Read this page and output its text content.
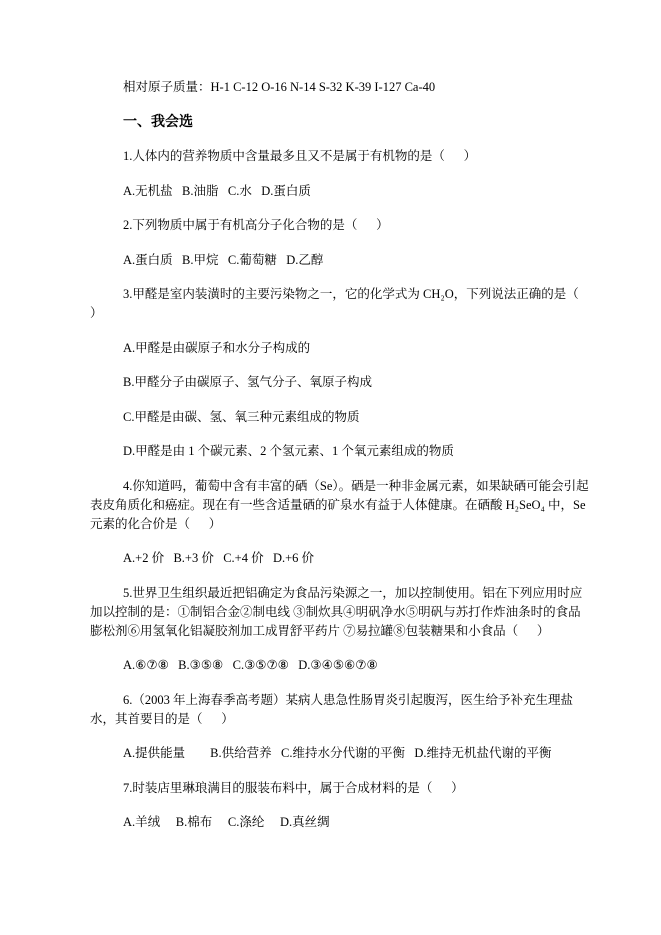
相对原子质量：H-1 C-12 O-16 N-14 S-32 K-39 I-127 Ca-40

一、我会选

1.人体内的营养物质中含量最多且又不是属于有机物的是（      ）

A.无机盐   B.油脂   C.水   D.蛋白质

2.下列物质中属于有机高分子化合物的是（      ）

A.蛋白质   B.甲烷   C.葡萄糖   D.乙醇

3.甲醛是室内装潢时的主要污染物之一，它的化学式为 CH₂O，下列说法正确的是（      ）

A.甲醛是由碳原子和水分子构成的

B.甲醛分子由碳原子、氢气分子、氧原子构成

C.甲醛是由碳、氢、氧三种元素组成的物质

D.甲醛是由 1 个碳元素、2 个氢元素、1 个氧元素组成的物质

4.你知道吗，葡萄中含有丰富的硒（Se）。硒是一种非金属元素，如果缺硒可能会引起表皮角质化和癌症。现在有一些含适量硒的矿泉水有益于人体健康。在硒酸 H₂SeO₄ 中，Se 元素的化合价是（      ）

A.+2 价   B.+3 价   C.+4 价   D.+6 价

5.世界卫生组织最近把铝确定为食品污染源之一，加以控制使用。铝在下列应用时应加以控制的是：①制铝合金②制电线 ③制炊具④明矾净水⑤明矾与苏打作炸油条时的食品膨松剂⑥用氢氧化铝凝胶剂加工成胃舒平药片 ⑦易拉罐⑧包装糖果和小食品（      ）

A.⑥⑦⑧   B.③⑤⑧   C.③⑤⑦⑧   D.③④⑤⑥⑦⑧

6.（2003 年上海春季高考题）某病人患急性肠胃炎引起腹泻，医生给予补充生理盐水，其首要目的是（      ）

A.提供能量        B.供给营养   C.维持水分代谢的平衡   D.维持无机盐代谢的平衡

7.时装店里琳琅满目的服装布料中，属于合成材料的是（      ）

A.羊绒     B.棉布     C.涤纶     D.真丝绸
